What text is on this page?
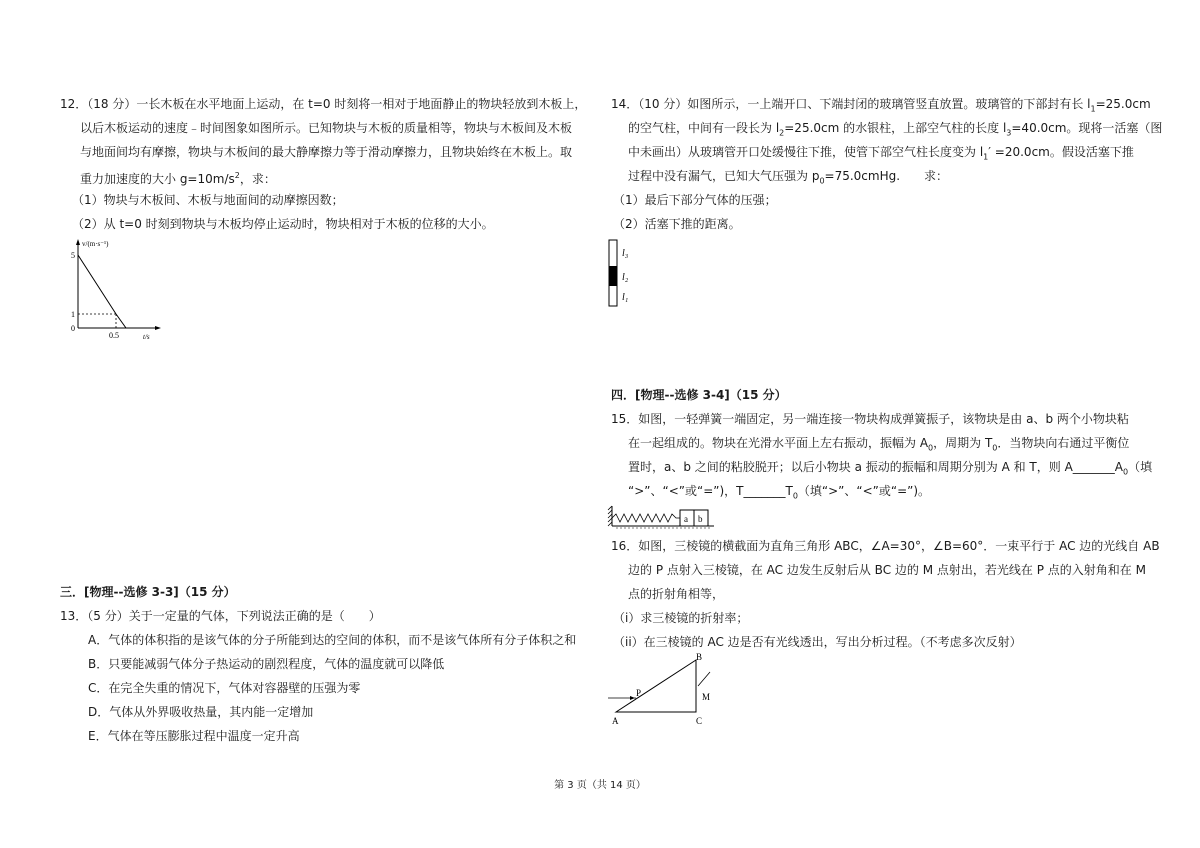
12．（18 分）一长木板在水平地面上运动，在 t=0 时刻将一相对于地面静止的物块轻放到木板上，
以后木板运动的速度﹣时间图象如图所示。已知物块与木板的质量相等，物块与木板间及木板
与地面间均有摩擦，物块与木板间的最大静摩擦力等于滑动摩擦力，且物块始终在木板上。取
重力加速度的大小 $g=10m/s^2$，求：
（1）物块与木板间、木板与地面间的动摩擦因数；
（2）从 t=0 时刻到物块与木板均停止运动时，物块相对于木板的位移的大小。
v/(m·s⁻¹)
5
1
0
0.5	t/s
三．[物理--选修 3-3]（15 分）
13．（5 分）关于一定量的气体，下列说法正确的是（　　）
A．气体的体积指的是该气体的分子所能到达的空间的体积，而不是该气体所有分子体积之和
B．只要能减弱气体分子热运动的剧烈程度，气体的温度就可以降低
C．在完全失重的情况下，气体对容器壁的压强为零
D．气体从外界吸收热量，其内能一定增加
E．气体在等压膨胀过程中温度一定升高
14．（10 分）如图所示，一上端开口、下端封闭的玻璃管竖直放置。玻璃管的下部封有长 $l_1=25.0cm$
的空气柱，中间有一段长为 $l_2=25.0cm$ 的水银柱，上部空气柱的长度 $l_3=40.0cm$。现将一活塞（图
中未画出）从玻璃管开口处缓慢往下推，使管下部空气柱长度变为 $l_1' =20.0cm$。假设活塞下推
过程中没有漏气，已知大气压强为 $p_0=75.0cmHg$.　　求：
（1）最后下部分气体的压强；
（2）活塞下推的距离。
l₃
l₂
l₁
四．[物理--选修 3-4]（15 分）
15．如图，一轻弹簧一端固定，另一端连接一物块构成弹簧振子，该物块是由 a、b 两个小物块粘
在一起组成的。物块在光滑水平面上左右振动，振幅为 $A_0$，周期为 $T_0$．当物块向右通过平衡位
置时，a、b 之间的粘胶脱开；以后小物块 a 振动的振幅和周期分别为 A 和 T，则 $A\_\_\_\_\_\_\_A_0$（填
“>”、“<”或“=”)，$T\_\_\_\_\_\_\_T_0$（填“>”、“<”或“=”)。
a b
16．如图，三棱镜的横截面为直角三角形 ABC，∠A=30°，∠B=60°．一束平行于 AC 边的光线自 AB
边的 P 点射入三棱镜，在 AC 边发生反射后从 BC 边的 M 点射出，若光线在 P 点的入射角和在 M
点的折射角相等，
（i）求三棱镜的折射率；
（ii）在三棱镜的 AC 边是否有光线透出，写出分析过程。（不考虑多次反射）
A
B
C
P	M
第 3 页（共 14 页）
